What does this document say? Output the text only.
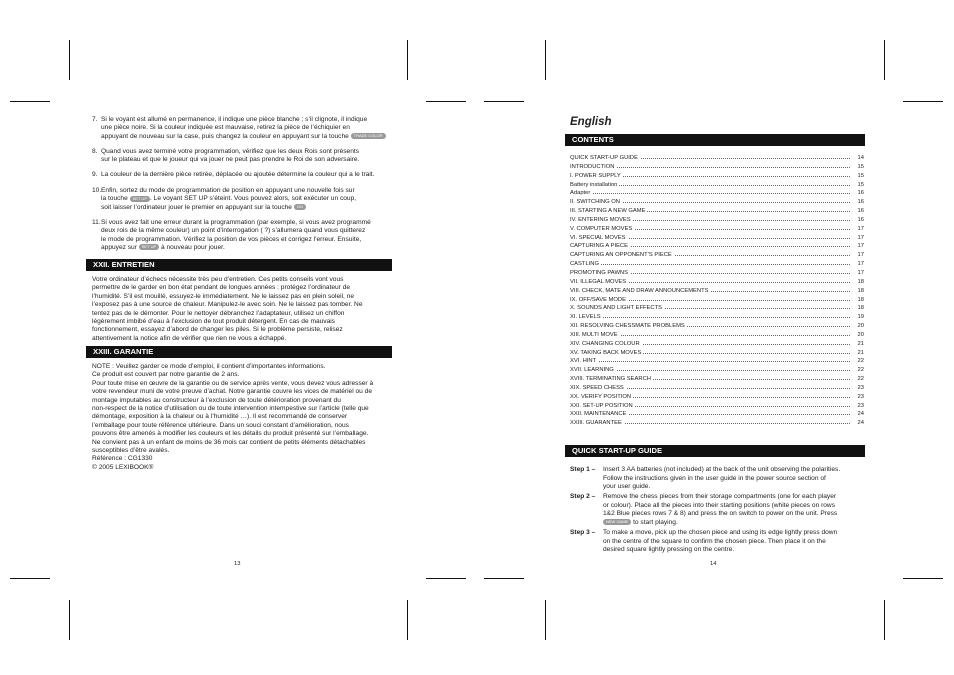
7. Si le voyant est allumé en permanence, il indique une pièce blanche ; s’il clignote, il indique
une pièce noire. Si la couleur indiquée est mauvaise, retirez la pièce de l’échiquier en
appuyant de nouveau sur la case, puis changez la couleur en appuyant sur la touche TRADE COLOR
8. Quand vous avez terminé votre programmation, vérifiez que les deux Rois sont présents
sur le plateau et que le joueur qui va jouer ne peut pas prendre le Roi de son adversaire.
9. La couleur de la dernière pièce retirée, déplacée ou ajoutée détermine la couleur qui a le trait.
10. Enfin, sortez du mode de programmation de position en appuyant une nouvelle fois sur
la touche SET UP . Le voyant SET UP s’éteint. Vous pouvez alors, soit exécuter un coup,
soit laisser l’ordinateur jouer le premier en appuyant sur la touche GO
11. Si vous avez fait une erreur durant la programmation (par exemple, si vous avez programmé
deux rois de la même couleur) un point d’interrogation ( ?) s’allumera quand vous quitterez
le mode de programmation. Vérifiez la position de vos pièces et corrigez l’erreur. Ensuite,
appuyez sur SET UP à nouveau pour jouer.
XXII. ENTRETIEN
Votre ordinateur d’échecs nécessite très peu d’entretien. Ces petits conseils vont vous
permettre de le garder en bon état pendant de longues années : protégez l’ordinateur de
l’humidité. S’il est mouillé, essuyez-le immédiatement. Ne le laissez pas en plein soleil, ne
l’exposez pas à une source de chaleur. Manipulez-le avec soin. Ne le laissez pas tomber. Ne
tentez pas de le démonter. Pour le nettoyer débranchez l’adaptateur, utilisez un chiffon
légèrement imbibé d’eau à l’exclusion de tout produit détergent. En cas de mauvais
fonctionnement, essayez d’abord de changer les piles. Si le problème persiste, relisez
attentivement la notice afin de vérifier que rien ne vous a échappé.
XXIII. GARANTIE
NOTE : Veuillez garder ce mode d’emploi, il contient d’importantes informations.
Ce produit est couvert par notre garantie de 2 ans.
Pour toute mise en œuvre de la garantie ou de service après vente, vous devez vous adresser à
votre revendeur muni de votre preuve d’achat. Notre garantie couvre les vices de matériel ou de
montage imputables au constructeur à l’exclusion de toute détérioration provenant du
non-respect de la notice d’utilisation ou de toute intervention intempestive sur l’article (telle que
démontage, exposition à la chaleur ou à l’humidité …). Il est recommandé de conserver
l’emballage pour toute référence ultérieure. Dans un souci constant d’amélioration, nous
pouvons être amenés à modifier les couleurs et les détails du produit présenté sur l’emballage.
Ne convient pas à un enfant de moins de 36 mois car contient de petits éléments détachables
susceptibles d’être avalés.
Référence : CG1330
© 2005 LEXIBOOK®
13
English
CONTENTS
QUICK START-UP GUIDE	14
INTRODUCTION	15
I. POWER SUPPLY	15
Battery installation	15
Adapter	16
II. SWITCHING ON	16
III. STARTING A NEW GAME	16
IV. ENTERING MOVES	16
V. COMPUTER MOVES	17
VI. SPECIAL MOVES	17
CAPTURING A PIECE	17
CAPTURING AN OPPONENT’S PIECE	17
CASTLING	17
PROMOTING PAWNS	17
VII. ILLEGAL MOVES	18
VIII. CHECK, MATE AND DRAW ANNOUNCEMENTS	18
IX. OFF/SAVE MODE	18
X. SOUNDS AND LIGHT EFFECTS	18
XI. LEVELS	19
XII. RESOLVING CHESSMATE PROBLEMS	20
XIII. MULTI MOVE	20
XIV. CHANGING COLOUR	21
XV. TAKING BACK MOVES	21
XVI. HINT	22
XVII. LEARNING	22
XVIII. TERMINATING SEARCH	22
XIX. SPEED CHESS	23
XX. VERIFY POSITION	23
XXI. SET-UP POSITION	23
XXII. MAINTENANCE	24
XXIII. GUARANTEE	24
QUICK START-UP GUIDE
Step 1 – Insert 3 AA batteries (not included) at the back of the unit observing the polarities.
Follow the instructions given in the user guide in the power source section of
your user guide.
Step 2 – Remove the chess pieces from their storage compartments (one for each player
or colour). Place all the pieces into their starting positions (white pieces on rows
1&2 Blue pieces rows 7 & 8) and press the on switch to power on the unit. Press
NEW GAME to start playing.
Step 3 – To make a move, pick up the chosen piece and using its edge lightly press down
on the centre of the square to confirm the chosen piece. Then place it on the
desired square lightly pressing on the centre.
14
